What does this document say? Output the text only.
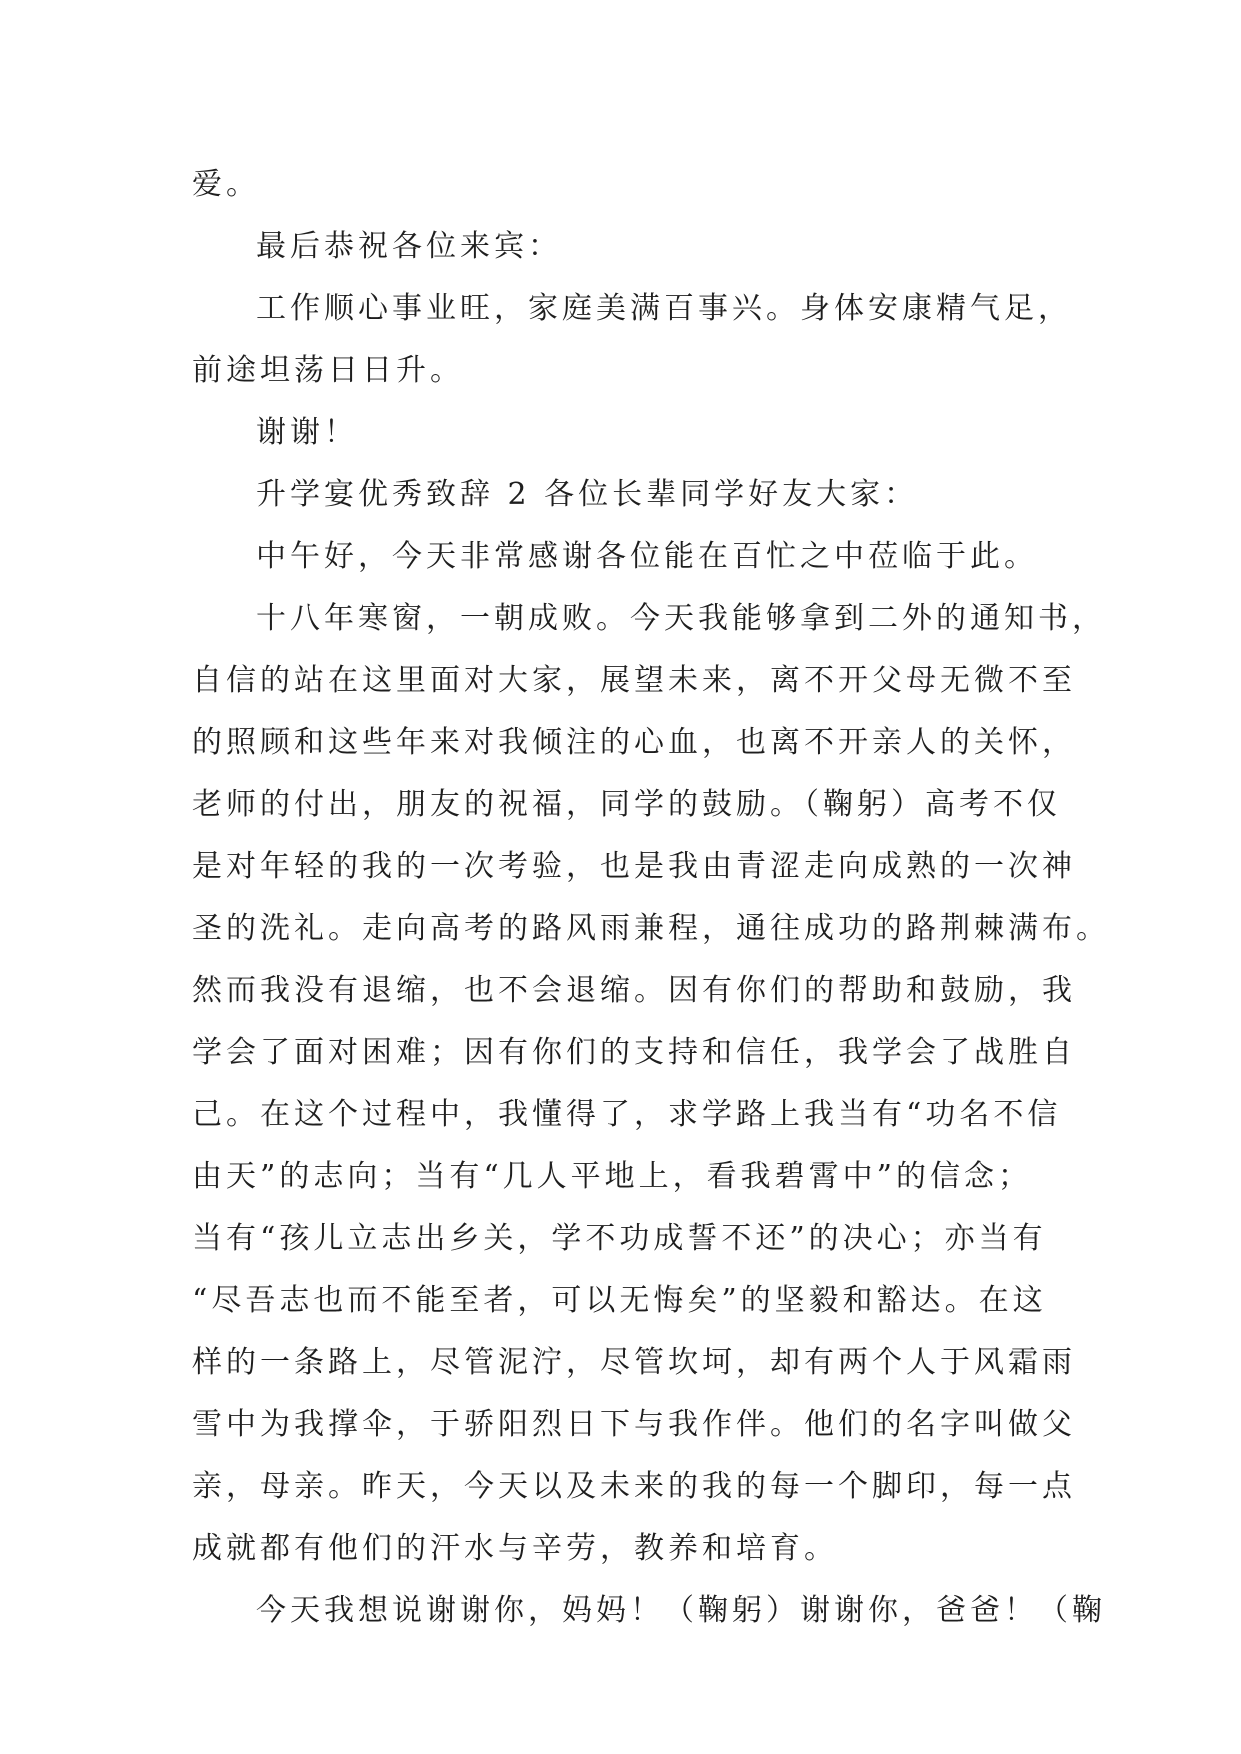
爱。
最后恭祝各位来宾：
工作顺心事业旺，家庭美满百事兴。身体安康精气足，
前途坦荡日日升。
谢谢！
升学宴优秀致辞 2 各位长辈同学好友大家：
中午好，今天非常感谢各位能在百忙之中莅临于此。
十八年寒窗，一朝成败。今天我能够拿到二外的通知书，
自信的站在这里面对大家，展望未来，离不开父母无微不至
的照顾和这些年来对我倾注的心血，也离不开亲人的关怀，
老师的付出，朋友的祝福，同学的鼓励。（鞠躬）高考不仅
是对年轻的我的一次考验，也是我由青涩走向成熟的一次神
圣的洗礼。走向高考的路风雨兼程，通往成功的路荆棘满布。
然而我没有退缩，也不会退缩。因有你们的帮助和鼓励，我
学会了面对困难；因有你们的支持和信任，我学会了战胜自
己。在这个过程中，我懂得了，求学路上我当有“功名不信
由天”的志向；当有“几人平地上，看我碧霄中”的信念；
当有“孩儿立志出乡关，学不功成誓不还”的决心；亦当有
“尽吾志也而不能至者，可以无悔矣”的坚毅和豁达。在这
样的一条路上，尽管泥泞，尽管坎坷，却有两个人于风霜雨
雪中为我撑伞，于骄阳烈日下与我作伴。他们的名字叫做父
亲，母亲。昨天，今天以及未来的我的每一个脚印，每一点
成就都有他们的汗水与辛劳，教养和培育。
今天我想说谢谢你，妈妈！（鞠躬）谢谢你，爸爸！（鞠
